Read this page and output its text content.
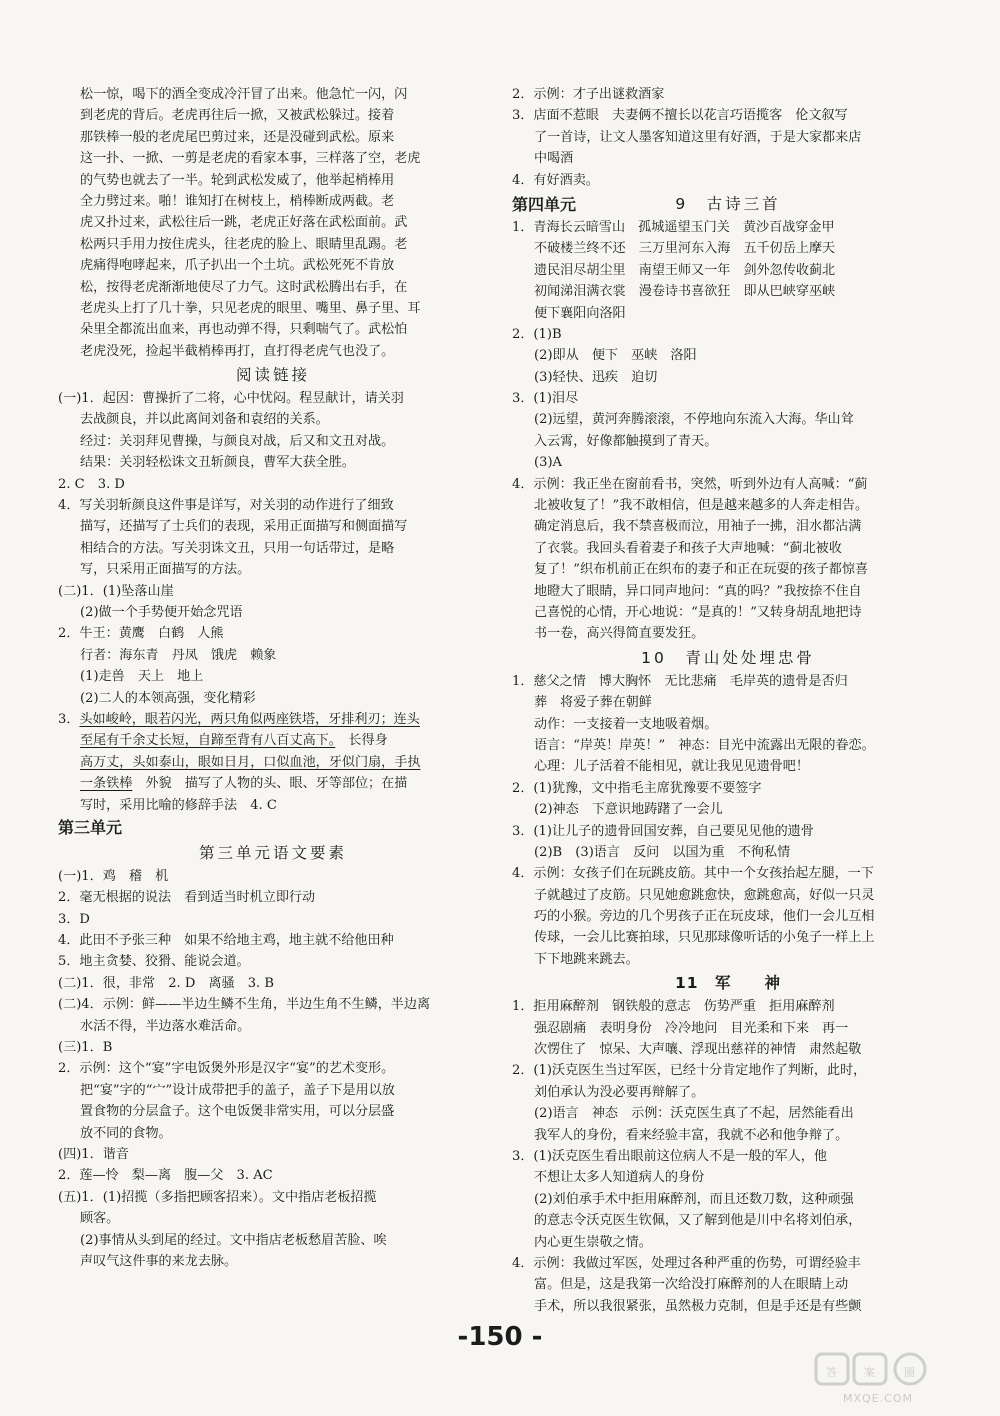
松一惊，喝下的酒全变成冷汗冒了出来。他急忙一闪，闪
到老虎的背后。老虎再往后一掀，又被武松躲过。接着
那铁棒一般的老虎尾巴剪过来，还是没碰到武松。原来
这一扑、一掀、一剪是老虎的看家本事，三样落了空，老虎
的气势也就去了一半。轮到武松发威了，他举起梢棒用
全力劈过来。啪！谁知打在树枝上，梢棒断成两截。老
虎又扑过来，武松往后一跳，老虎正好落在武松面前。武
松两只手用力按住虎头，往老虎的脸上、眼睛里乱踢。老
虎痛得咆哮起来，爪子扒出一个土坑。武松死死不肯放
松，按得老虎渐渐地使尽了力气。这时武松腾出右手，在
老虎头上打了几十拳，只见老虎的眼里、嘴里、鼻子里、耳
朵里全都流出血来，再也动弹不得，只剩喘气了。武松怕
老虎没死，捡起半截梢棒再打，直打得老虎气也没了。
阅读链接
(一)1．起因：曹操折了二将，心中忧闷。程昱献计，请关羽
去战颜良，并以此离间刘备和袁绍的关系。
经过：关羽拜见曹操，与颜良对战，后又和文丑对战。
结果：关羽轻松诛文丑斩颜良，曹军大获全胜。
2. C　3. D
4．写关羽斩颜良这件事是详写，对关羽的动作进行了细致
描写，还描写了士兵们的表现，采用正面描写和侧面描写
相结合的方法。写关羽诛文丑，只用一句话带过，是略
写，只采用正面描写的方法。
(二)1．(1)坠落山崖
(2)做一个手势便开始念咒语
2．牛王：黄鹰　白鹤　人熊
行者：海东青　丹凤　饿虎　赖象
(1)走兽　天上　地上
(2)二人的本领高强，变化精彩
3．头如峻岭，眼若闪光，两只角似两座铁塔，牙排利刃；连头
至尾有千余丈长短，自蹄至背有八百丈高下。　长得身
高万丈，头如泰山，眼如日月，口似血池，牙似门扇，手执
一条铁棒　外貌　描写了人物的头、眼、牙等部位；在描
写时，采用比喻的修辞手法　4. C
第三单元
第三单元语文要素
(一)1．鸡　稽　机
2．毫无根据的说法　看到适当时机立即行动
3．D
4．此田不予张三种　如果不给地主鸡，地主就不给他田种
5．地主贪婪、狡猾、能说会道。
(二)1．很，非常　2. D　离骚　3. B
(二)4．示例：鲜——半边生鳞不生角，半边生角不生鳞，半边离
水活不得，半边落水难活命。
(三)1．B
2．示例：这个“宴”字电饭煲外形是汉字“宴”的艺术变形。
把“宴”字的“宀”设计成带把手的盖子，盖子下是用以放
置食物的分层盒子。这个电饭煲非常实用，可以分层盛
放不同的食物。
(四)1．谐音
2．莲—怜　梨—离　腹—父　3. AC
(五)1．(1)招揽（多指把顾客招来）。文中指店老板招揽
顾客。
(2)事情从头到尾的经过。文中指店老板愁眉苦脸、唉
声叹气这件事的来龙去脉。
2．示例：才子出谜救酒家
3．店面不惹眼　夫妻俩不擅长以花言巧语揽客　伦文叙写
了一首诗，让文人墨客知道这里有好酒，于是大家都来店
中喝酒
4．有好酒卖。
第四单元	9　古诗三首
1．青海长云暗雪山　孤城遥望玉门关　黄沙百战穿金甲
不破楼兰终不还　三万里河东入海　五千仞岳上摩天
遗民泪尽胡尘里　南望王师又一年　剑外忽传收蓟北
初闻涕泪满衣裳　漫卷诗书喜欲狂　即从巴峡穿巫峡
便下襄阳向洛阳
2．(1)B
(2)即从　便下　巫峡　洛阳
(3)轻快、迅疾　迫切
3．(1)泪尽
(2)远望，黄河奔腾滚滚，不停地向东流入大海。华山耸
入云霄，好像都触摸到了青天。
(3)A
4．示例：我正坐在窗前看书，突然，听到外边有人高喊：“蓟
北被收复了！”我不敢相信，但是越来越多的人奔走相告。
确定消息后，我不禁喜极而泣，用袖子一拂，泪水都沾满
了衣裳。我回头看着妻子和孩子大声地喊：“蓟北被收
复了！”织布机前正在织布的妻子和正在玩耍的孩子都惊喜
地瞪大了眼睛，异口同声地问：“真的吗？”我按捺不住自
己喜悦的心情，开心地说：“是真的！”又转身胡乱地把诗
书一卷，高兴得简直要发狂。
10　青山处处埋忠骨
1．慈父之情　博大胸怀　无比悲痛　毛岸英的遗骨是否归
葬　将爱子葬在朝鲜
动作：一支接着一支地吸着烟。
语言：“岸英！岸英！”　神态：目光中流露出无限的眷恋。
心理：儿子活着不能相见，就让我见见遗骨吧！
2．(1)犹豫，文中指毛主席犹豫要不要签字
(2)神态　下意识地踌躇了一会儿
3．(1)让儿子的遗骨回国安葬，自己要见见他的遗骨
(2)B　(3)语言　反问　以国为重　不徇私情
4．示例：女孩子们在玩跳皮筋。其中一个女孩抬起左腿，一下
子就越过了皮筋。只见她愈跳愈快，愈跳愈高，好似一只灵
巧的小猴。旁边的几个男孩子正在玩皮球，他们一会儿互相
传球，一会儿比赛拍球，只见那球像听话的小兔子一样上上
下下地跳来跳去。
11　军　　神
1．拒用麻醉剂　钢铁般的意志　伤势严重　拒用麻醉剂
强忍剧痛　表明身份　冷冷地问　目光柔和下来　再一
次愣住了　惊呆、大声嚷、浮现出慈祥的神情　肃然起敬
2．(1)沃克医生当过军医，已经十分肯定地作了判断，此时，
刘伯承认为没必要再辩解了。
(2)语言　神态　示例：沃克医生真了不起，居然能看出
我军人的身份，看来经验丰富，我就不必和他争辩了。
3．(1)沃克医生看出眼前这位病人不是一般的军人，他
不想让太多人知道病人的身份
(2)刘伯承手术中拒用麻醉剂，而且还数刀数，这种顽强
的意志令沃克医生钦佩，又了解到他是川中名将刘伯承，
内心更生崇敬之情。
4．示例：我做过军医，处理过各种严重的伤势，可谓经验丰
富。但是，这是我第一次给没打麻醉剂的人在眼睛上动
手术，所以我很紧张，虽然极力克制，但是手还是有些颤
-150 -
答 案	圈
MXQE.COM
